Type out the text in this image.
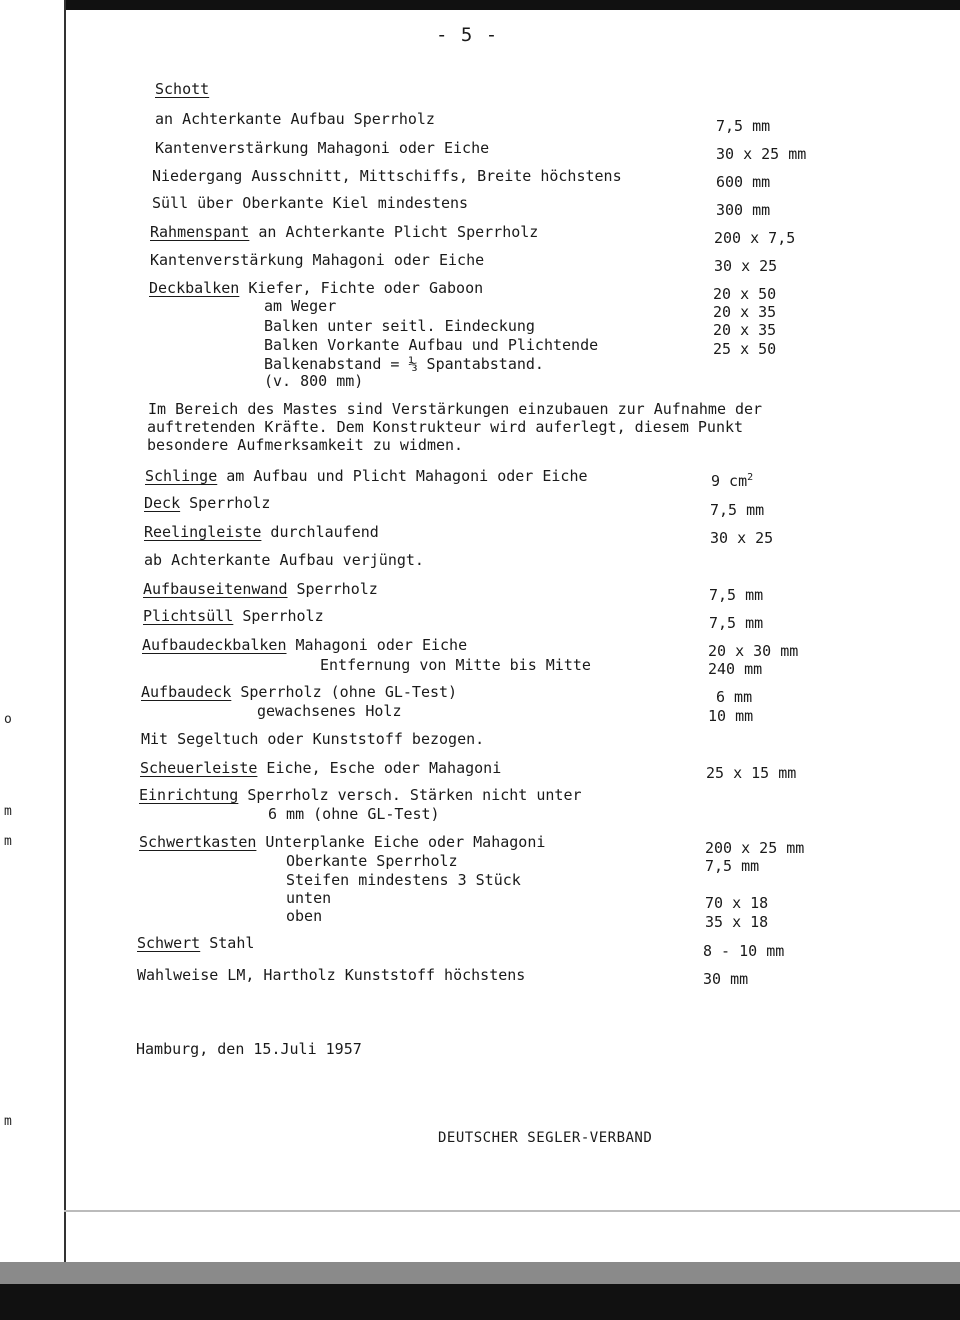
o
m
m
m
- 5 -
Schott
an Achterkante Aufbau Sperrholz	7,5 mm
Kantenverstärkung Mahagoni oder Eiche	30 x 25 mm
Niedergang Ausschnitt, Mittschiffs, Breite höchstens	600 mm
Süll über Oberkante Kiel mindestens	300 mm
Rahmenspant an Achterkante Plicht Sperrholz	200 x 7,5
Kantenverstärkung Mahagoni oder Eiche	30 x 25
Deckbalken Kiefer, Fichte oder Gaboon	20 x 50
am Weger	20 x 35
Balken unter seitl. Eindeckung	20 x 35
Balken Vorkante Aufbau und Plichtende	25 x 50
Balkenabstand = ⅓ Spantabstand.
(v. 800 mm)
Im Bereich des Mastes sind Verstärkungen einzubauen zur Aufnahme der
auftretenden Kräfte. Dem Konstrukteur wird auferlegt, diesem Punkt
besondere Aufmerksamkeit zu widmen.
Schlinge am Aufbau und Plicht Mahagoni oder Eiche	9 $cm^2$
Deck Sperrholz	7,5 mm
Reelingleiste durchlaufend	30 x 25
ab Achterkante Aufbau verjüngt.
Aufbauseitenwand Sperrholz	7,5 mm
Plichtsüll Sperrholz	7,5 mm
Aufbaudeckbalken Mahagoni oder Eiche	20 x 30 mm
Entfernung von Mitte bis Mitte	240 mm
Aufbaudeck Sperrholz (ohne GL-Test)	6 mm
gewachsenes Holz	10 mm
Mit Segeltuch oder Kunststoff bezogen.
Scheuerleiste Eiche, Esche oder Mahagoni	25 x 15 mm
Einrichtung Sperrholz versch. Stärken nicht unter
6 mm (ohne GL-Test)
Schwertkasten Unterplanke Eiche oder Mahagoni	200 x 25 mm
Oberkante Sperrholz	7,5 mm
Steifen mindestens 3 Stück
unten	70 x 18
oben	35 x 18
Schwert Stahl	8 - 10 mm
Wahlweise LM, Hartholz Kunststoff höchstens	30 mm
Hamburg, den 15.Juli 1957
DEUTSCHER SEGLER-VERBAND
